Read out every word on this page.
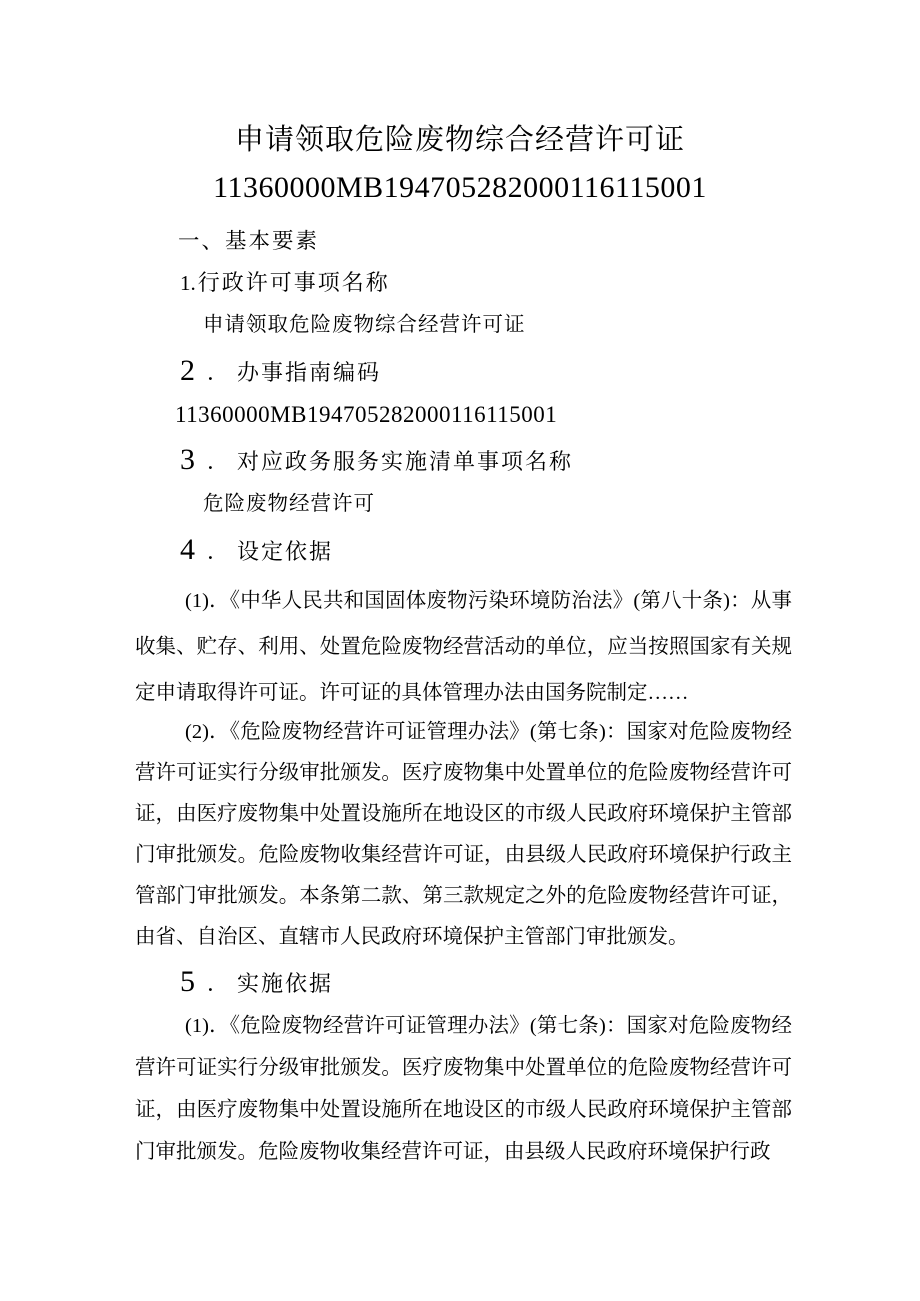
申请领取危险废物综合经营许可证
11360000MB194705282000116115001
一、基本要素
1.行政许可事项名称
申请领取危险废物综合经营许可证
2 ． 办事指南编码
11360000MB194705282000116115001
3 ． 对应政务服务实施清单事项名称
危险废物经营许可
4 ． 设定依据

(1)．《中华人民共和国固体废物污染环境防治法》(第八十条)：从事收集、贮存、利用、处置危险废物经营活动的单位，应当按照国家有关规定申请取得许可证。许可证的具体管理办法由国务院制定……

(2)．《危险废物经营许可证管理办法》(第七条)：国家对危险废物经营许可证实行分级审批颁发。医疗废物集中处置单位的危险废物经营许可证，由医疗废物集中处置设施所在地设区的市级人民政府环境保护主管部门审批颁发。危险废物收集经营许可证，由县级人民政府环境保护行政主管部门审批颁发。本条第二款、第三款规定之外的危险废物经营许可证，由省、自治区、直辖市人民政府环境保护主管部门审批颁发。

5 ． 实施依据

(1)．《危险废物经营许可证管理办法》(第七条)：国家对危险废物经营许可证实行分级审批颁发。医疗废物集中处置单位的危险废物经营许可证，由医疗废物集中处置设施所在地设区的市级人民政府环境保护主管部门审批颁发。危险废物收集经营许可证，由县级人民政府环境保护行政
